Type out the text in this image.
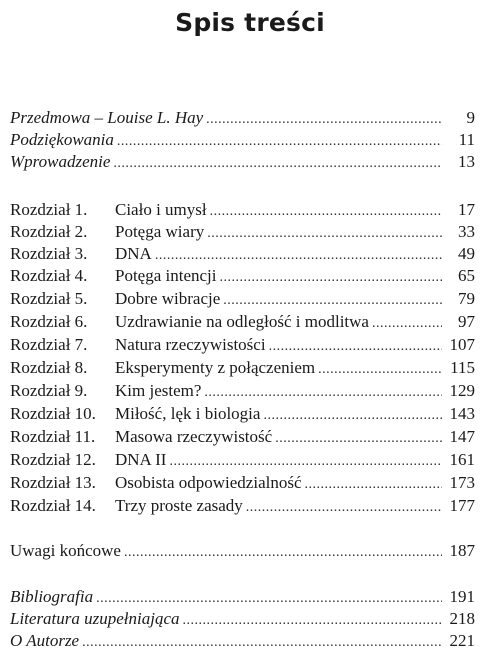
Spis treści
Przedmowa – Louise L. Hay .....	9
Podziękowania .....	11
Wprowadzenie .....	13
Rozdział 1.	Ciało i umysł .....	17
Rozdział 2.	Potęga wiary .....	33
Rozdział 3.	DNA .....	49
Rozdział 4.	Potęga intencji .....	65
Rozdział 5.	Dobre wibracje .....	79
Rozdział 6.	Uzdrawianie na odległość i modlitwa .....	97
Rozdział 7.	Natura rzeczywistości .....	107
Rozdział 8.	Eksperymenty z połączeniem .....	115
Rozdział 9.	Kim jestem? .....	129
Rozdział 10.	Miłość, lęk i biologia .....	143
Rozdział 11.	Masowa rzeczywistość .....	147
Rozdział 12.	DNA II .....	161
Rozdział 13.	Osobista odpowiedzialność .....	173
Rozdział 14.	Trzy proste zasady .....	177
Uwagi końcowe .....	187
Bibliografia .....	191
Literatura uzupełniająca .....	218
O Autorze .....	221
